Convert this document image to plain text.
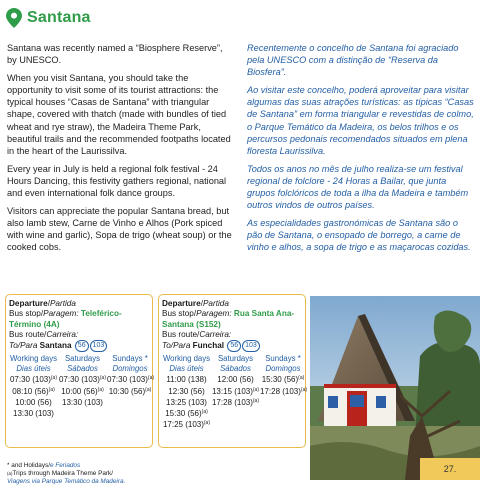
Santana

Santana was recently named a “Biosphere Reserve”, by UNESCO.

When you visit Santana, you should take the opportunity to visit some of its tourist attractions: the typical houses “Casas de Santana” with triangular shape, covered with thatch (made with bundles of tied wheat and rye straw), the Madeira Theme Park, beautiful trails and the recommended footpaths located in the heart of the Laurissilva.

Every year in July is held a regional folk festival - 24 Hours Dancing, this festivity gathers regional, national and even international folk dance groups.

Visitors can appreciate the popular Santana bread, but also lamb stew, Carne de Vinho e Alhos (Pork spiced with wine and garlic), Sopa de trigo (wheat soup) or the cooked cobs.

Recentemente o concelho de Santana foi agraciado pela UNESCO com a distinção de “Reserva da Biosfera”.

Ao visitar este concelho, poderá aproveitar para visitar algumas das suas atrações turísticas: as típicas “Casas de Santana” em forma triangular e revestidas de colmo, o Parque Temático da Madeira, os belos trilhos e os percursos pedonais recomendados situados em plena floresta Laurissilva.

Todos os anos no mês de julho realiza-se um festival regional de folclore - 24 Horas a Bailar, que junta grupos folclóricos de toda a ilha da Madeira e também outros vindos de outros países.

As especialidades gastronómicas de Santana são o pão de Santana, o ensopado de borrego, a carne de vinho e alhos, a sopa de trigo e as maçarocas cozidas.

Departure/Partida
Bus stop/Paragem: Teleférico-Término (4A)
Bus route/Carreira:
To/Para Santana 56 103
Working days
Dias úteis
07:30 $(103)^{(a)}$
08:10 $(56)^{(a)}$
10:00 (56)
13:30 (103)
Saturdays
Sábados
07:30 $(103)^{(a)}$
10:00 $(56)^{(a)}$
13:30 (103)
Sundays *
Domingos
07:30 $(103)^{(a)}$
10:30 $(56)^{(a)}$
Departure/Partida
Bus stop/Paragem: Rua Santa Ana-Santana (S152)
Bus route/Carreira:
To/Para Funchal 56 103
Working days
Dias úteis
11:00 (138)
12:30 (56)
13:25 (103)
15:30 $(56)^{(a)}$
17:25 $(103)^{(a)}$
Saturdays
Sábados
12:00 (56)
13:15 $(103)^{(a)}$
17:28 $(103)^{(a)}$
Sundays *
Domingos
15:30 $(56)^{(a)}$
17:28 $(103)^{(a)}$
* and Holidays/e Feriados
$^{(a)}$Trips through Madeira Theme Park/
Viagens via Parque Temático da Madeira.
27.
